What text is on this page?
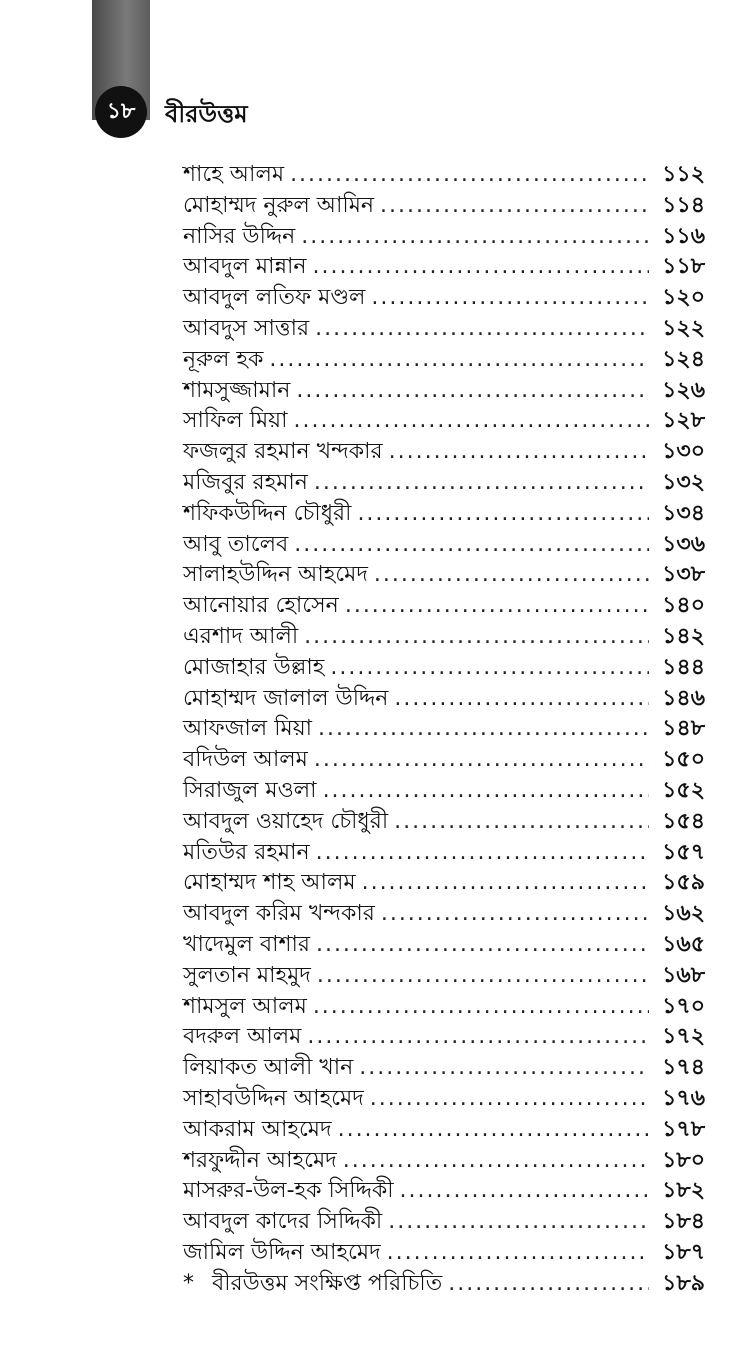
১৮	বীরউত্তম
শাহে আলম .....	১১২
মোহাম্মদ নুরুল আমিন .....	১১৪
নাসির উদ্দিন .....	১১৬
আবদুল মান্নান .....	১১৮
আবদুল লতিফ মণ্ডল .....	১২০
আবদুস সাত্তার .....	১২২
নূরুল হক .....	১২৪
শামসুজ্জামান .....	১২৬
সাফিল মিয়া .....	১২৮
ফজলুর রহমান খন্দকার .....	১৩০
মজিবুর রহমান .....	১৩২
শফিকউদ্দিন চৌধুরী .....	১৩৪
আবু তালেব .....	১৩৬
সালাহউদ্দিন আহমেদ .....	১৩৮
আনোয়ার হোসেন .....	১৪০
এরশাদ আলী .....	১৪২
মোজাহার উল্লাহ .....	১৪৪
মোহাম্মদ জালাল উদ্দিন .....	১৪৬
আফজাল মিয়া .....	১৪৮
বদিউল আলম .....	১৫০
সিরাজুল মওলা .....	১৫২
আবদুল ওয়াহেদ চৌধুরী .....	১৫৪
মতিউর রহমান .....	১৫৭
মোহাম্মদ শাহ আলম .....	১৫৯
আবদুল করিম খন্দকার .....	১৬২
খাদেমুল বাশার .....	১৬৫
সুলতান মাহমুদ .....	১৬৮
শামসুল আলম .....	১৭০
বদরুল আলম .....	১৭২
লিয়াকত আলী খান .....	১৭৪
সাহাবউদ্দিন আহমেদ .....	১৭৬
আকরাম আহমেদ .....	১৭৮
শরফুদ্দীন আহমেদ .....	১৮০
মাসরুর-উল-হক সিদ্দিকী .....	১৮২
আবদুল কাদের সিদ্দিকী .....	১৮৪
জামিল উদ্দিন আহমেদ .....	১৮৭
* বীরউত্তম সংক্ষিপ্ত পরিচিতি .....	১৮৯
